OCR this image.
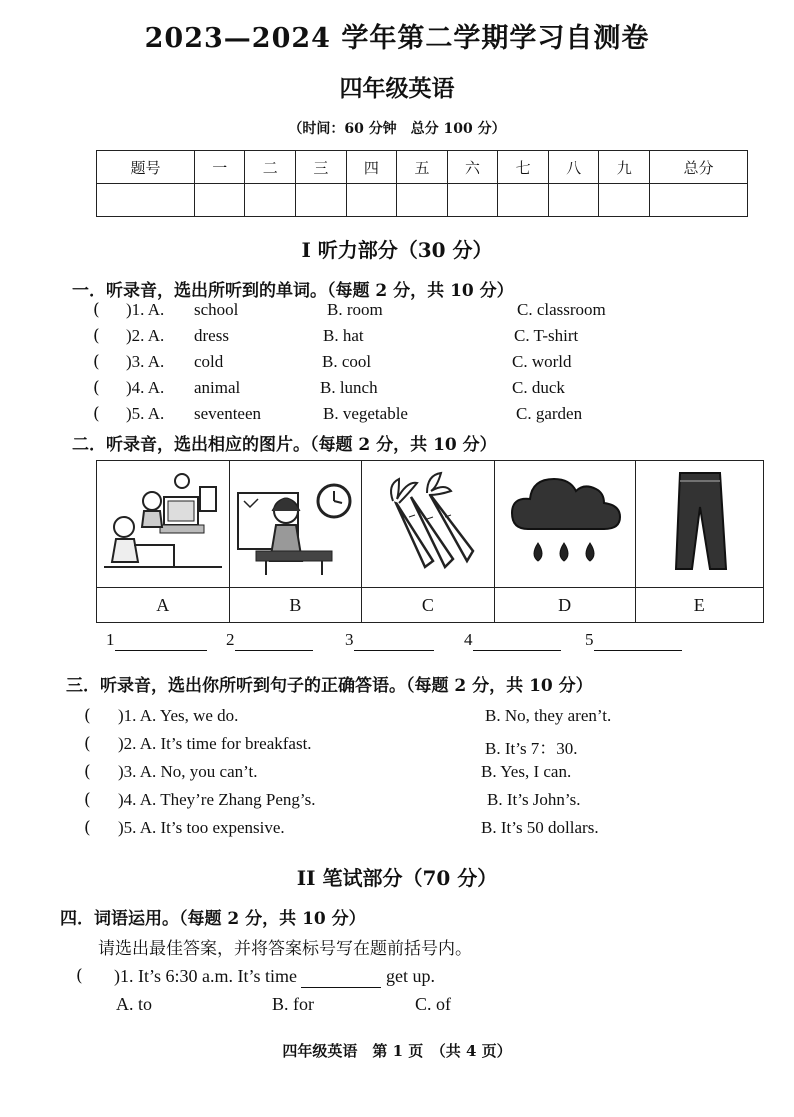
2023—2024 学年第二学期学习自测卷
四年级英语
（时间：60 分钟　总分 100 分）
题号	一	二	三	四	五	六	七	八	九	总分

I 听力部分（30 分）
一．听录音，选出所听到的单词。（每题 2 分，共 10 分）
( )1. A. school	B. room	C. classroom
( )2. A. dress	B. hat	C. T-shirt
( )3. A. cold	B. cool	C. world
( )4. A. animal	B. lunch	C. duck
( )5. A. seventeen	B. vegetable	C. garden
二．听录音，选出相应的图片。（每题 2 分，共 10 分）

A	B	C	D	E
1	2	3	4	5
三．听录音，选出你所听到句子的正确答语。（每题 2 分，共 10 分）
( )1. A. Yes, we do.	B. No, they aren’t.
( )2. A. It’s time for breakfast.	B. It’s 7：30.
( )3. A. No, you can’t.	B. Yes, I can.
( )4. A. They’re Zhang Peng’s.	B. It’s John’s.
( )5. A. It’s too expensive.	B. It’s 50 dollars.
II 笔试部分（70 分）
四．词语运用。（每题 2 分，共 10 分）
请选出最佳答案，并将答案标号写在题前括号内。
( )1. It’s 6:30 a.m. It’s time	get up.
A. to	B. for	C. of
四年级英语　第 1 页　（共 4 页）
